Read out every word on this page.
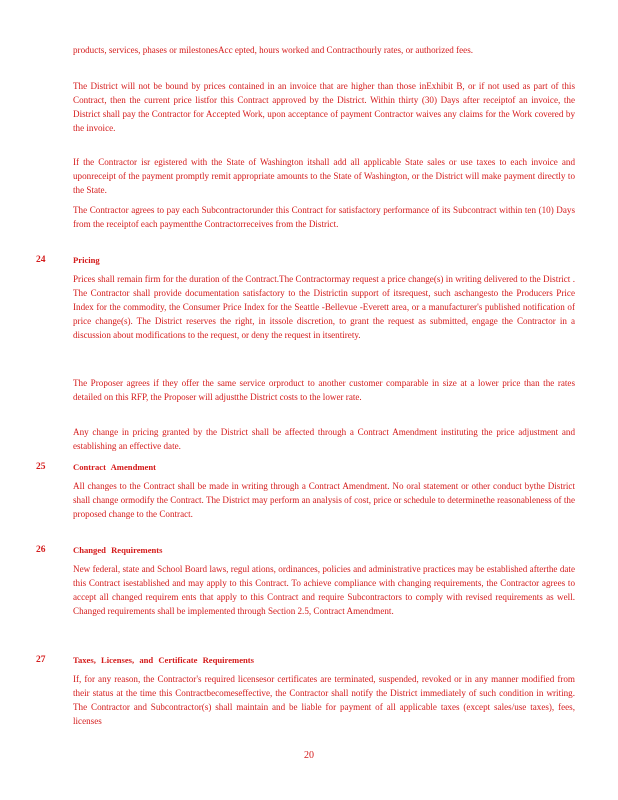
products, services, phases or milestonesAcc epted, hours worked and Contracthourly rates, or authorized fees.

The District will not be bound by prices contained in an invoice that are higher than those inExhibit B, or if not used as part of this Contract, then the current price listfor this Contract approved by the District. Within thirty (30) Days after receiptof an invoice, the District shall pay the Contractor for Accepted Work, upon acceptance of payment Contractor waives any claims for the Work covered by the invoice.

If the Contractor isr egistered with the State of Washington itshall add all applicable State sales or use taxes to each invoice and uponreceipt of the payment promptly remit appropriate amounts to the State of Washington, or the District will make payment directly to the State.

The Contractor agrees to pay each Subcontractorunder this Contract for satisfactory performance of its Subcontract within ten (10) Days from the receiptof each paymentthe Contractorreceives from the District.

24	Pricing

Prices shall remain firm for the duration of the Contract.The Contractormay request a price change(s) in writing delivered to the District . The Contractor shall provide documentation satisfactory to the Districtin support of itsrequest, such aschangesto the Producers Price Index for the commodity, the Consumer Price Index for the Seattle -Bellevue -Everett area, or a manufacturer's published notification of price change(s). The District reserves the right, in itssole discretion, to grant the request as submitted, engage the Contractor in a discussion about modifications to the request, or deny the request in itsentirety.

The Proposer agrees if they offer the same service orproduct to another customer comparable in size at a lower price than the rates detailed on this RFP, the Proposer will adjustthe District costs to the lower rate.

Any change in pricing granted by the District shall be affected through a Contract Amendment instituting the price adjustment and establishing an effective date.

25	Contract Amendment

All changes to the Contract shall be made in writing through a Contract Amendment. No oral statement or other conduct bythe District shall change ormodify the Contract. The District may perform an analysis of cost, price or schedule to determinethe reasonableness of the proposed change to the Contract.

26	Changed Requirements

New federal, state and School Board laws, regul ations, ordinances, policies and administrative practices may be established afterthe date this Contract isestablished and may apply to this Contract. To achieve compliance with changing requirements, the Contractor agrees to accept all changed requirem ents that apply to this Contract and require Subcontractors to comply with revised requirements as well. Changed requirements shall be implemented through Section 2.5, Contract Amendment.

27	Taxes, Licenses, and Certificate Requirements

If, for any reason, the Contractor's required licensesor certificates are terminated, suspended, revoked or in any manner modified from their status at the time this Contractbecomeseffective, the Contractor shall notify the District immediately of such condition in writing. The Contractor and Subcontractor(s) shall maintain and be liable for payment of all applicable taxes (except sales/use taxes), fees, licenses

20
